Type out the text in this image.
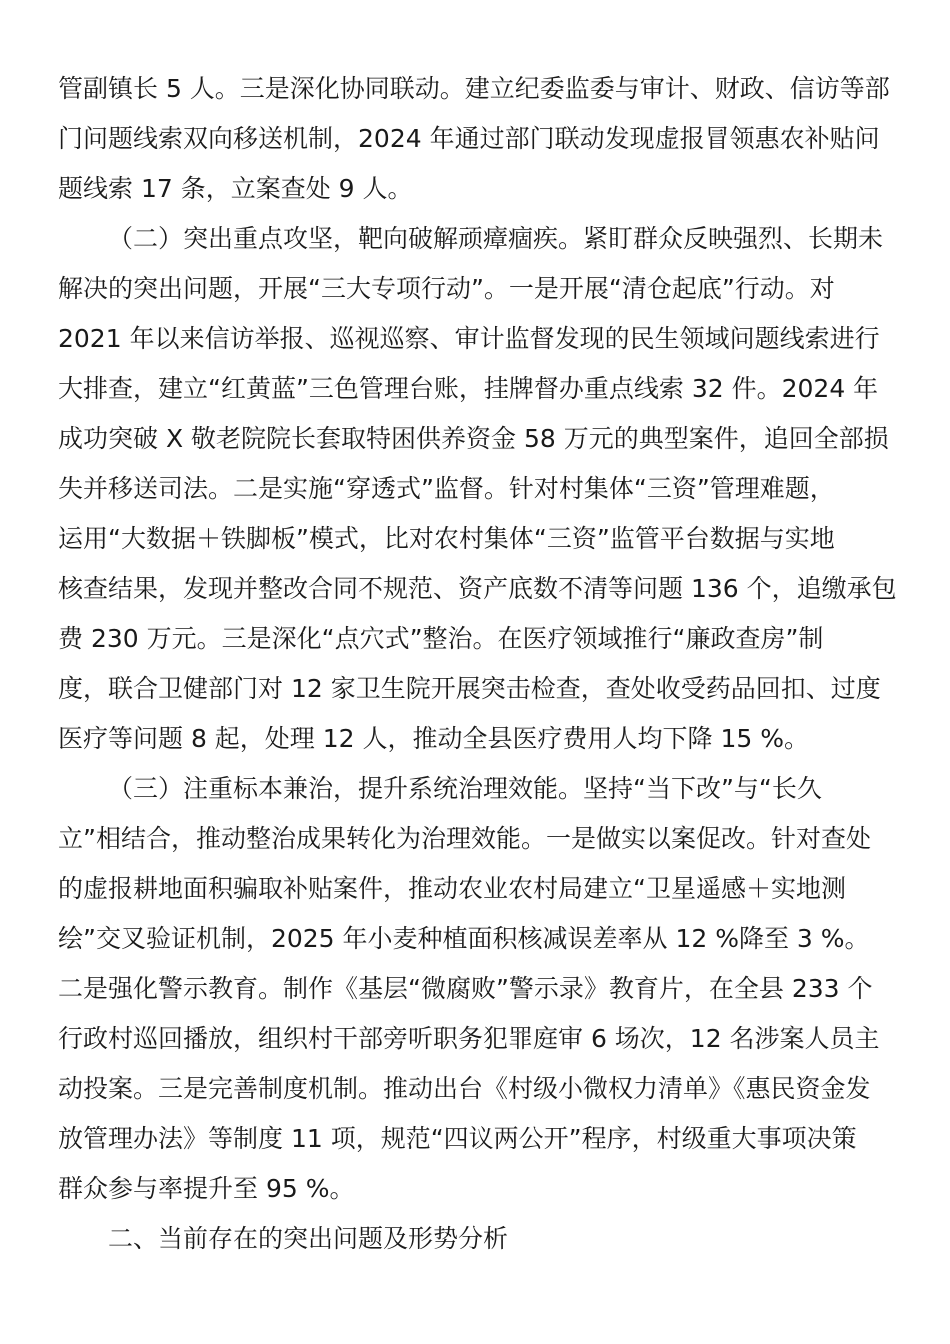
管副镇长 5 人。三是深化协同联动。建立纪委监委与审计、财政、信访等部
门问题线索双向移送机制，2024 年通过部门联动发现虚报冒领惠农补贴问
题线索 17 条，立案查处 9 人。
（二）突出重点攻坚，靶向破解顽瘴痼疾。紧盯群众反映强烈、长期未
解决的突出问题，开展“三大专项行动”。一是开展“清仓起底”行动。对
2021 年以来信访举报、巡视巡察、审计监督发现的民生领域问题线索进行
大排查，建立“红黄蓝”三色管理台账，挂牌督办重点线索 32 件。2024 年
成功突破 X 敬老院院长套取特困供养资金 58 万元的典型案件，追回全部损
失并移送司法。二是实施“穿透式”监督。针对村集体“三资”管理难题，
运用“大数据＋铁脚板”模式，比对农村集体“三资”监管平台数据与实地
核查结果，发现并整改合同不规范、资产底数不清等问题 136 个，追缴承包
费 230 万元。三是深化“点穴式”整治。在医疗领域推行“廉政查房”制
度，联合卫健部门对 12 家卫生院开展突击检查，查处收受药品回扣、过度
医疗等问题 8 起，处理 12 人，推动全县医疗费用人均下降 15 %。
（三）注重标本兼治，提升系统治理效能。坚持“当下改”与“长久
立”相结合，推动整治成果转化为治理效能。一是做实以案促改。针对查处
的虚报耕地面积骗取补贴案件，推动农业农村局建立“卫星遥感＋实地测
绘”交叉验证机制，2025 年小麦种植面积核减误差率从 12 %降至 3 %。
二是强化警示教育。制作《基层“微腐败”警示录》教育片，在全县 233 个
行政村巡回播放，组织村干部旁听职务犯罪庭审 6 场次，12 名涉案人员主
动投案。三是完善制度机制。推动出台《村级小微权力清单》《惠民资金发
放管理办法》等制度 11 项，规范“四议两公开”程序，村级重大事项决策
群众参与率提升至 95 %。
二、当前存在的突出问题及形势分析
